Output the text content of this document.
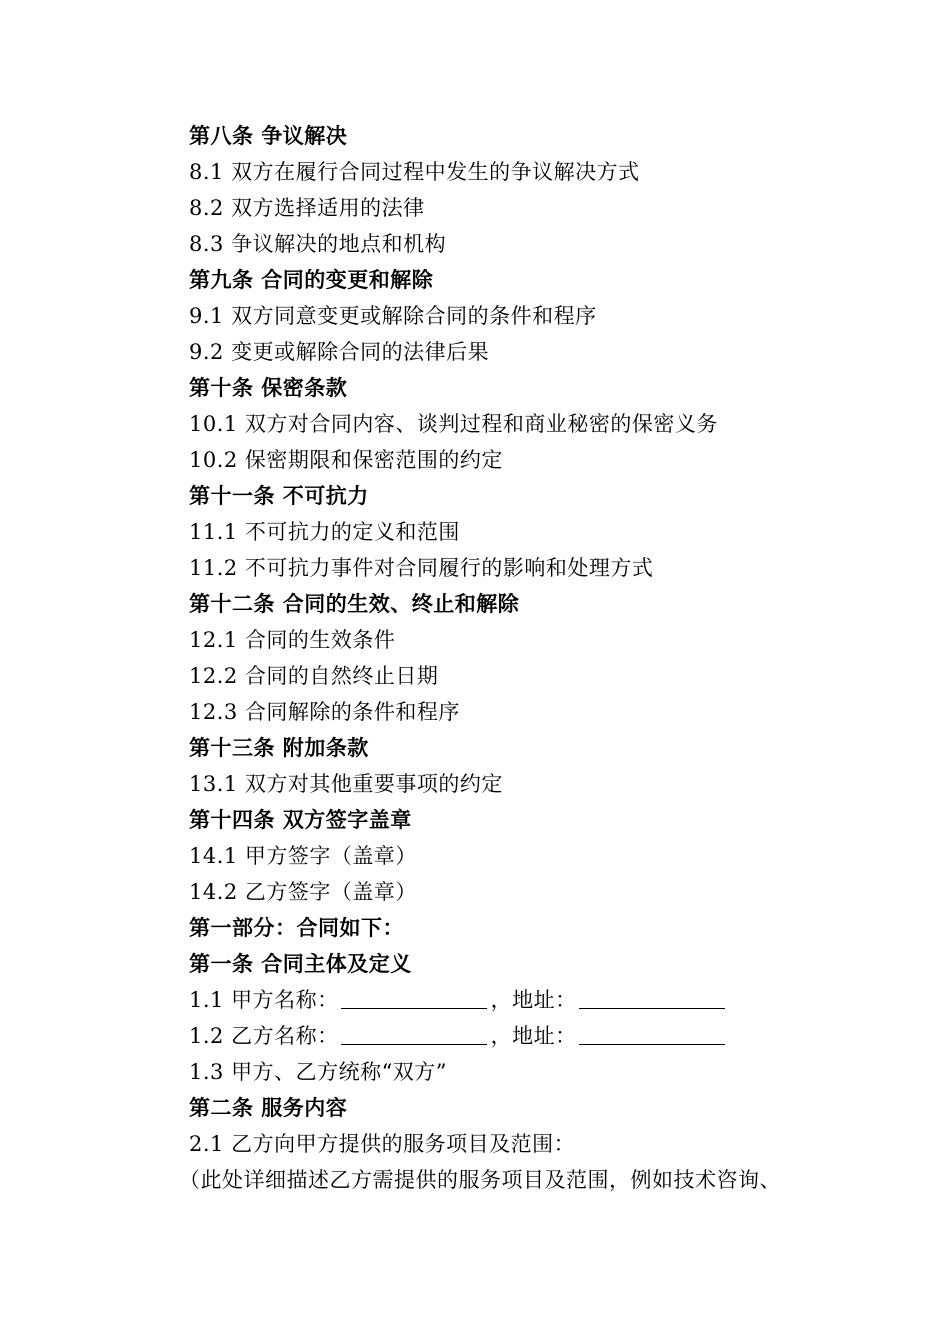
第八条 争议解决
8.1 双方在履行合同过程中发生的争议解决方式
8.2 双方选择适用的法律
8.3 争议解决的地点和机构
第九条 合同的变更和解除
9.1 双方同意变更或解除合同的条件和程序
9.2 变更或解除合同的法律后果
第十条 保密条款
10.1 双方对合同内容、谈判过程和商业秘密的保密义务
10.2 保密期限和保密范围的约定
第十一条 不可抗力
11.1 不可抗力的定义和范围
11.2 不可抗力事件对合同履行的影响和处理方式
第十二条 合同的生效、终止和解除
12.1 合同的生效条件
12.2 合同的自然终止日期
12.3 合同解除的条件和程序
第十三条 附加条款
13.1 双方对其他重要事项的约定
第十四条 双方签字盖章
14.1 甲方签字（盖章）
14.2 乙方签字（盖章）
第一部分：合同如下：
第一条 合同主体及定义
1.1 甲方名称：	，地址：
1.2 乙方名称：	，地址：
1.3 甲方、乙方统称“双方”
第二条 服务内容
2.1 乙方向甲方提供的服务项目及范围：
（此处详细描述乙方需提供的服务项目及范围，例如技术咨询、
